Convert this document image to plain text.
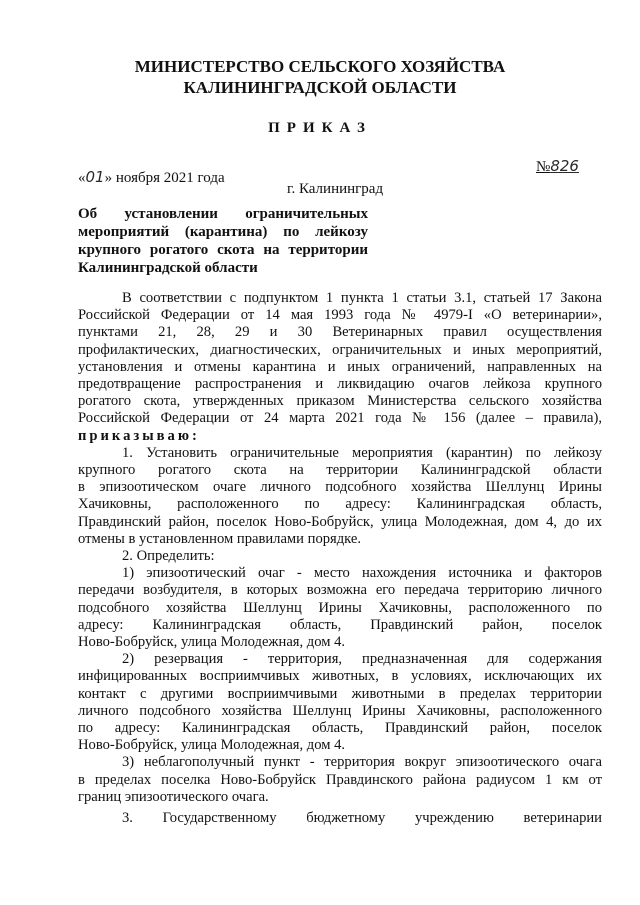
МИНИСТЕРСТВО СЕЛЬСКОГО ХОЗЯЙСТВА
КАЛИНИНГРАДСКОЙ ОБЛАСТИ
ПРИКАЗ
«01» ноября 2021 года
№826
г. Калининград
Об установлении ограничительных
мероприятий (карантина) по лейкозу
крупного рогатого скота на территории
Калининградской области
В соответствии с подпунктом 1 пункта 1 статьи 3.1, статьей 17 Закона
Российской Федерации от 14 мая 1993 года № 4979-I «О ветеринарии»,
пунктами 21, 28, 29 и 30 Ветеринарных правил осуществления
профилактических, диагностических, ограничительных и иных мероприятий,
установления и отмены карантина и иных ограничений, направленных на
предотвращение распространения и ликвидацию очагов лейкоза крупного
рогатого скота, утвержденных приказом Министерства сельского хозяйства
Российской Федерации от 24 марта 2021 года № 156 (далее – правила),
приказываю:
1. Установить ограничительные мероприятия (карантин) по лейкозу
крупного рогатого скота на территории Калининградской области
в эпизоотическом очаге личного подсобного хозяйства Шеллунц Ирины
Хачиковны, расположенного по адресу: Калининградская область,
Правдинский район, поселок Ново-Бобруйск, улица Молодежная, дом 4, до их
отмены в установленном правилами порядке.
2. Определить:
1) эпизоотический очаг - место нахождения источника и факторов
передачи возбудителя, в которых возможна его передача территорию личного
подсобного хозяйства Шеллунц Ирины Хачиковны, расположенного по
адресу: Калининградская область, Правдинский район, поселок
Ново-Бобруйск, улица Молодежная, дом 4.
2) резервация - территория, предназначенная для содержания
инфицированных восприимчивых животных, в условиях, исключающих их
контакт с другими восприимчивыми животными в пределах территории
личного подсобного хозяйства Шеллунц Ирины Хачиковны, расположенного
по адресу: Калининградская область, Правдинский район, поселок
Ново-Бобруйск, улица Молодежная, дом 4.
3) неблагополучный пункт - территория вокруг эпизоотического очага
в пределах поселка Ново-Бобруйск Правдинского района радиусом 1 км от
границ эпизоотического очага.
3. Государственному бюджетному учреждению ветеринарии
